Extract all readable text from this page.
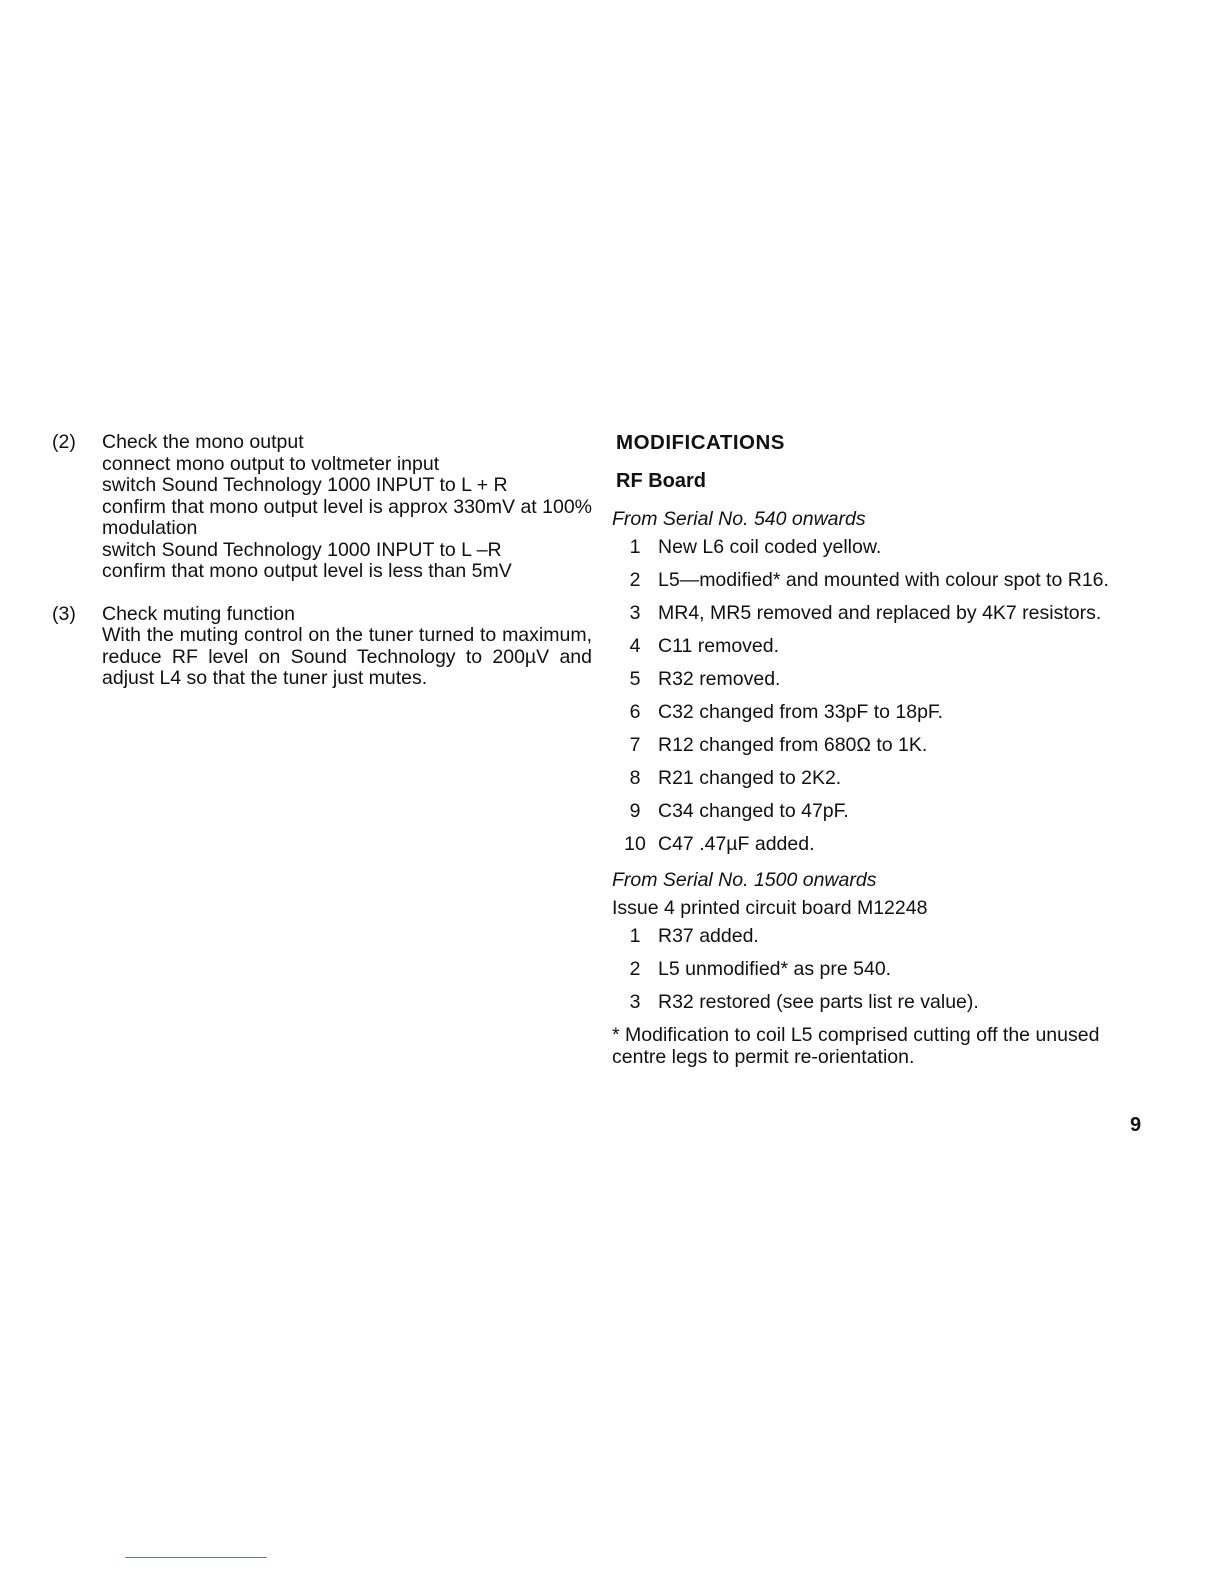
(2)	Check the mono output
connect mono output to voltmeter input
switch Sound Technology 1000 INPUT to L + R
confirm that mono output level is approx 330mV at 100% modulation
switch Sound Technology 1000 INPUT to L –R
confirm that mono output level is less than 5mV
(3)	Check muting function
With the muting control on the tuner turned to maximum, reduce RF level on Sound Technology to 200µV and adjust L4 so that the tuner just mutes.
MODIFICATIONS
RF Board
From Serial No. 540 onwards
1 New L6 coil coded yellow.
2 L5—modified* and mounted with colour spot to R16.
3 MR4, MR5 removed and replaced by 4K7 resistors.
4 C11 removed.
5 R32 removed.
6 C32 changed from 33pF to 18pF.
7 R12 changed from 680Ω to 1K.
8 R21 changed to 2K2.
9 C34 changed to 47pF.
10 C47 .47µF added.
From Serial No. 1500 onwards
Issue 4 printed circuit board M12248
1 R37 added.
2 L5 unmodified* as pre 540.
3 R32 restored (see parts list re value).
* Modification to coil L5 comprised cutting off the unused centre legs to permit re-orientation.
9
